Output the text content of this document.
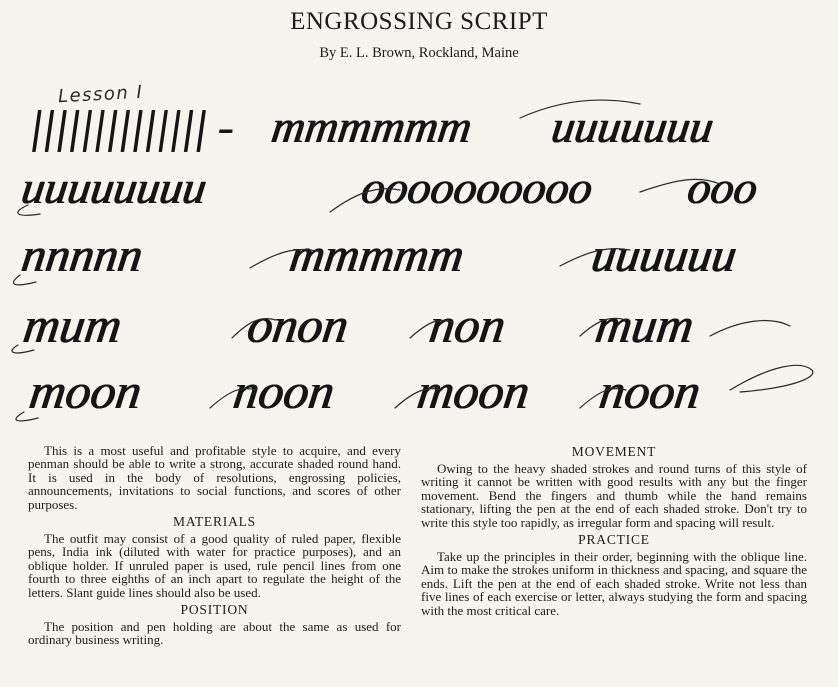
ENGROSSING SCRIPT
By E. L. Brown, Rockland, Maine
Lesson I
|||||||||||||| - mmmmmm uuuuuuu
uuuuuuuu	oooooooooo ooo
nnnnn	mmmmm	uuuuuu
mum onon non mum
moon noon moon noon

This is a most useful and profitable style to acquire, and every penman should be able to write a strong, accurate shaded round hand. It is used in the body of resolutions, engrossing policies, announcements, invitations to social functions, and scores of other purposes.

MATERIALS

The outfit may consist of a good quality of ruled paper, flexible pens, India ink (diluted with water for practice purposes), and an oblique holder. If unruled paper is used, rule pencil lines from one fourth to three eighths of an inch apart to regulate the height of the letters. Slant guide lines should also be used.

POSITION

The position and pen holding are about the same as used for ordinary business writing.

MOVEMENT

Owing to the heavy shaded strokes and round turns of this style of writing it cannot be written with good results with any but the finger movement. Bend the fingers and thumb while the hand remains stationary, lifting the pen at the end of each shaded stroke. Don't try to write this style too rapidly, as irregular form and spacing will result.

PRACTICE

Take up the principles in their order, beginning with the oblique line. Aim to make the strokes uniform in thickness and spacing, and square the ends. Lift the pen at the end of each shaded stroke. Write not less than five lines of each exercise or letter, always studying the form and spacing with the most critical care.
